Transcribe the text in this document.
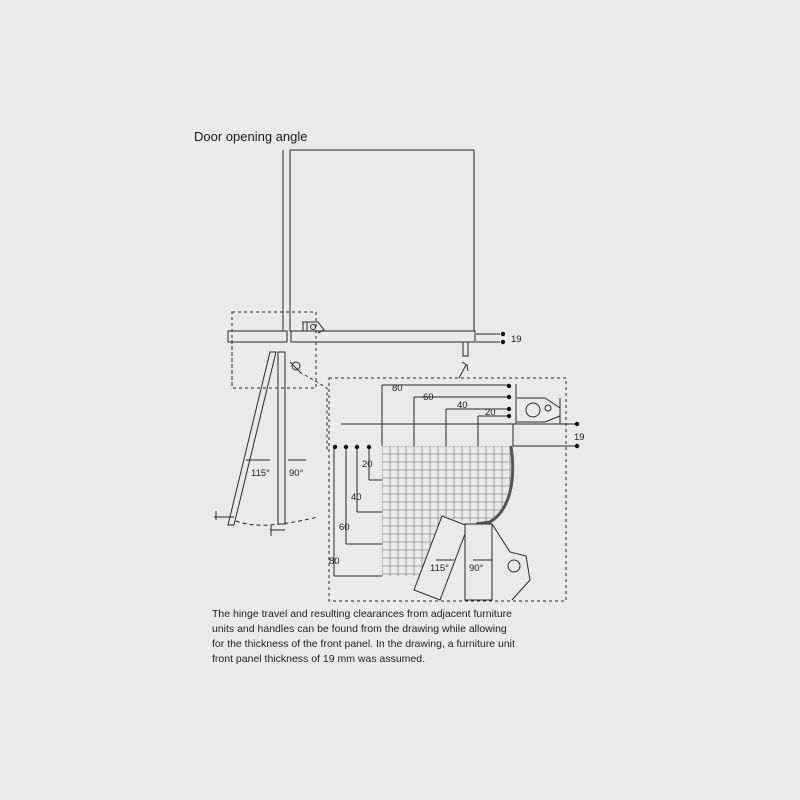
Door opening angle
19
19
115° 90°
115° 90°
80
60
40
20
20
40
60
80
The hinge travel and resulting clearances from adjacent furniture
units and handles can be found from the drawing while allowing
for the thickness of the front panel. In the drawing, a furniture unit
front panel thickness of 19 mm was assumed.
